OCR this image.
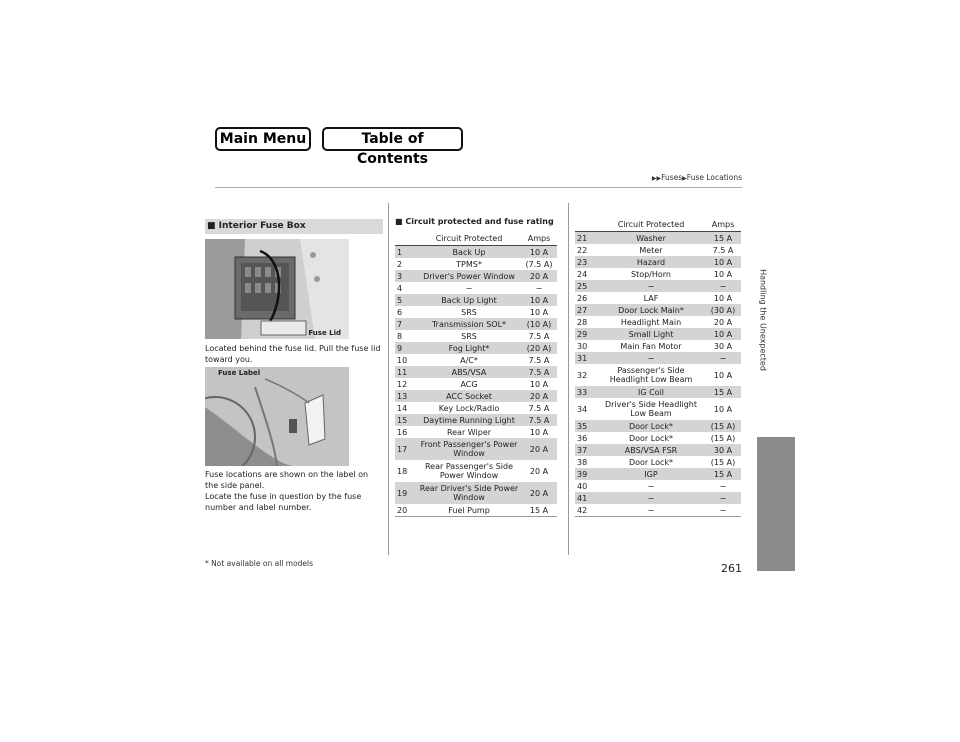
Main Menu	Table of Contents
▶▶Fuses▶Fuse Locations
Handling the Unexpected
■ Interior Fuse Box
Fuse Lid
Located behind the fuse lid. Pull the fuse lid toward you.
Fuse Label
Fuse locations are shown on the label on the side panel.
Locate the fuse in question by the fuse number and label number.
■ Circuit protected and fuse rating
	Circuit Protected	Amps
1	Back Up	10 A
2	TPMS*	(7.5 A)
3	Driver's Power Window	20 A
4	−	−
5	Back Up Light	10 A
6	SRS	10 A
7	Transmission SOL*	(10 A)
8	SRS	7.5 A
9	Fog Light*	(20 A)
10	A/C*	7.5 A
11	ABS/VSA	7.5 A
12	ACG	10 A
13	ACC Socket	20 A
14	Key Lock/Radio	7.5 A
15	Daytime Running Light	7.5 A
16	Rear Wiper	10 A
17	Front Passenger's Power Window	20 A
18	Rear Passenger's Side Power Window	20 A
19	Rear Driver's Side Power Window	20 A
20	Fuel Pump	15 A
	Circuit Protected	Amps
21	Washer	15 A
22	Meter	7.5 A
23	Hazard	10 A
24	Stop/Horn	10 A
25	−	−
26	LAF	10 A
27	Door Lock Main*	(30 A)
28	Headlight Main	20 A
29	Small Light	10 A
30	Main Fan Motor	30 A
31	−	−
32	Passenger's Side Headlight Low Beam	10 A
33	IG Coil	15 A
34	Driver's Side Headlight Low Beam	10 A
35	Door Lock*	(15 A)
36	Door Lock*	(15 A)
37	ABS/VSA FSR	30 A
38	Door Lock*	(15 A)
39	IGP	15 A
40	−	−
41	−	−
42	−	−
* Not available on all models	261
